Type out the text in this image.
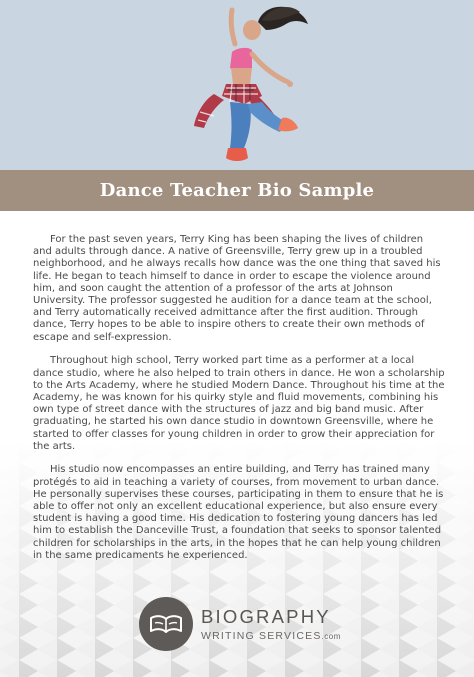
Dance Teacher Bio Sample

For the past seven years, Terry King has been shaping the lives of children and adults through dance. A native of Greensville, Terry grew up in a troubled neighborhood, and he always recalls how dance was the one thing that saved his life. He began to teach himself to dance in order to escape the violence around him, and soon caught the attention of a professor of the arts at Johnson University. The professor suggested he audition for a dance team at the school, and Terry automatically received admittance after the first audition. Through dance, Terry hopes to be able to inspire others to create their own methods of escape and self-expression.

Throughout high school, Terry worked part time as a performer at a local dance studio, where he also helped to train others in dance. He won a scholarship to the Arts Academy, where he studied Modern Dance. Throughout his time at the Academy, he was known for his quirky style and fluid movements, combining his own type of street dance with the structures of jazz and big band music. After graduating, he started his own dance studio in downtown Greensville, where he started to offer classes for young children in order to grow their appreciation for the arts.

His studio now encompasses an entire building, and Terry has trained many protégés to aid in teaching a variety of courses, from movement to urban dance. He personally supervises these courses, participating in them to ensure that he is able to offer not only an excellent educational experience, but also ensure every student is having a good time. His dedication to fostering young dancers has led him to establish the Danceville Trust, a foundation that seeks to sponsor talented children for scholarships in the arts, in the hopes that he can help young children in the same predicaments he experienced.

BIOGRAPHY
WRITING SERVICES.com
